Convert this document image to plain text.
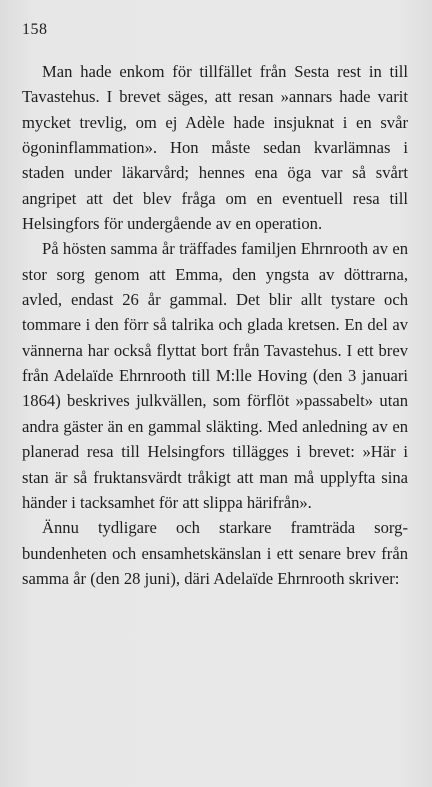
158

Man hade enkom för tillfället från Sesta rest in till Tavastehus. I brevet säges, att resan »annars hade varit mycket trevlig, om ej Adèle hade insjuknat i en svår ögoninflammation». Hon måste sedan kvarlämnas i staden under läkarvård; hennes ena öga var så svårt angripet att det blev fråga om en eventuell resa till Helsingfors för undergående av en operation.

På hösten samma år träffades familjen Ehrnrooth av en stor sorg genom att Emma, den yngsta av döttrarna, avled, endast 26 år gammal. Det blir allt tystare och tommare i den förr så talrika och glada kretsen. En del av vännerna har också flyttat bort från Tavastehus. I ett brev från Adelaïde Ehrnrooth till M:lle Hoving (den 3 januari 1864) beskrives julkvällen, som förflöt »passabelt» utan andra gäster än en gammal släkting. Med anledning av en planerad resa till Helsingfors tillägges i brevet: »Här i stan är så fruktansvärdt tråkigt att man må upplyfta sina händer i tacksamhet för att slippa härifrån».

Ännu tydligare och starkare framträda sorgbundenheten och ensamhetskänslan i ett senare brev från samma år (den 28 juni), däri Adelaïde Ehrnrooth skriver:
